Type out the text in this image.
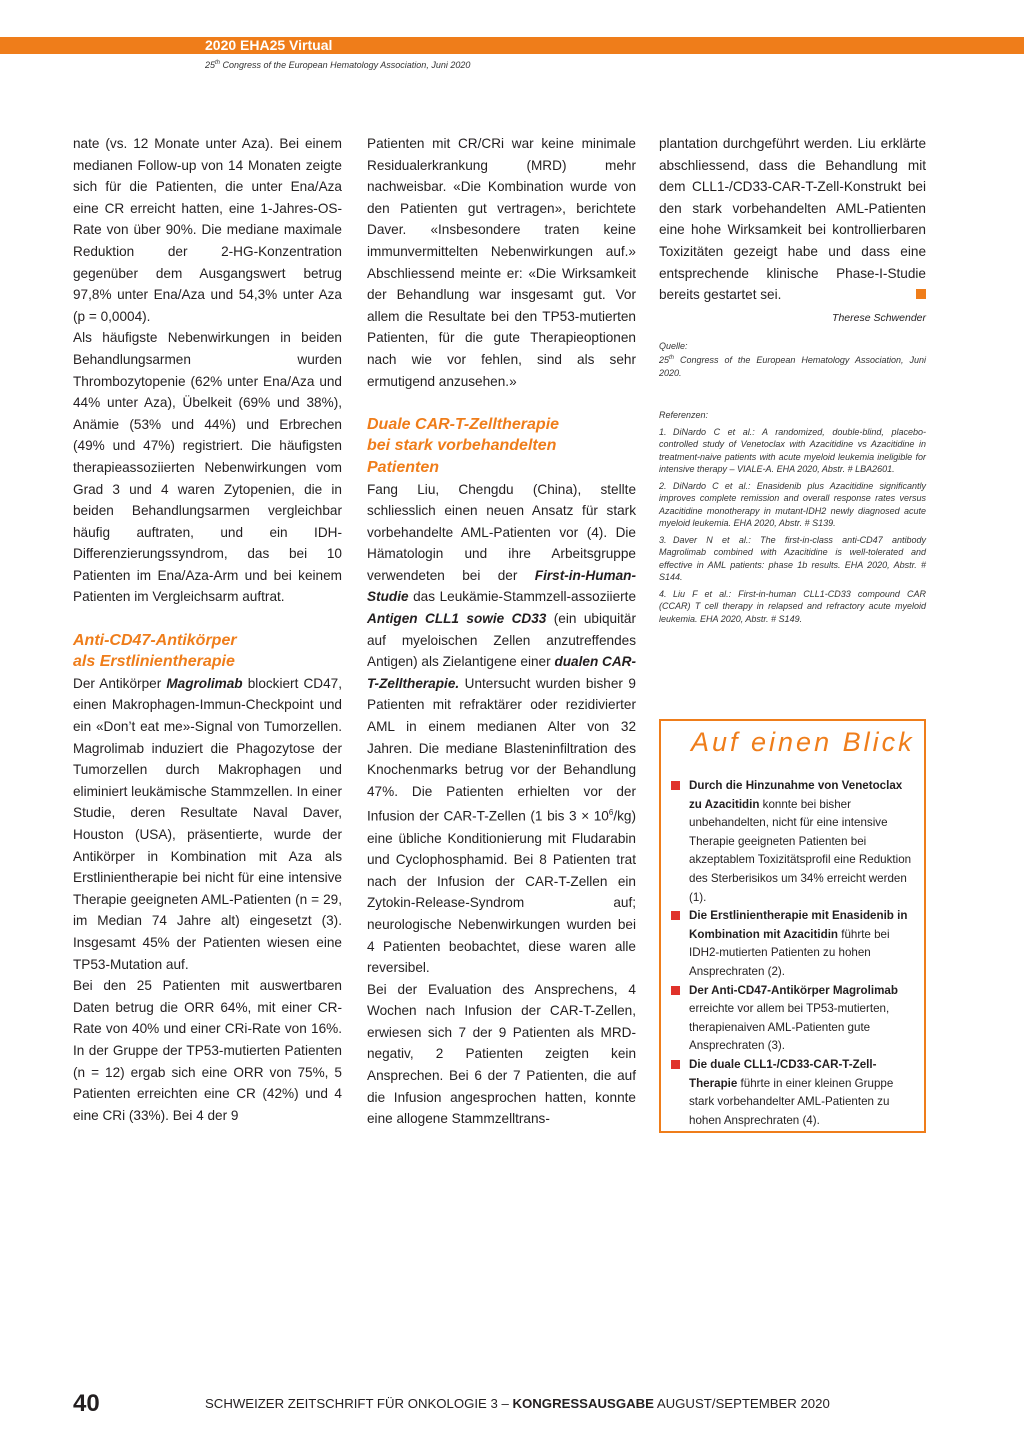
2020 EHA25 Virtual
25th Congress of the European Hematology Association, Juni 2020

nate (vs. 12 Monate unter Aza). Bei einem medianen Follow-up von 14 Monaten zeigte sich für die Patienten, die unter Ena/Aza eine CR erreicht hatten, eine 1-Jahres-OS-Rate von über 90%. Die mediane maximale Reduktion der 2-HG-Konzentration gegenüber dem Ausgangswert betrug 97,8% unter Ena/Aza und 54,3% unter Aza (p = 0,0004).

Als häufigste Nebenwirkungen in beiden Behandlungsarmen wurden Thrombozytopenie (62% unter Ena/Aza und 44% unter Aza), Übelkeit (69% und 38%), Anämie (53% und 44%) und Erbrechen (49% und 47%) registriert. Die häufigsten therapieassoziierten Nebenwirkungen vom Grad 3 und 4 waren Zytopenien, die in beiden Behandlungsarmen vergleichbar häufig auftraten, und ein IDH-Differenzierungssyndrom, das bei 10 Patienten im Ena/Aza-Arm und bei keinem Patienten im Vergleichsarm auftrat.

Anti-CD47-Antikörper
als Erstlinientherapie

Der Antikörper Magrolimab blockiert CD47, einen Makrophagen-Immun-Checkpoint und ein «Don’t eat me»-Signal von Tumorzellen. Magrolimab induziert die Phagozytose der Tumorzellen durch Makrophagen und eliminiert leukämische Stammzellen. In einer Studie, deren Resultate Naval Daver, Houston (USA), präsentierte, wurde der Antikörper in Kombination mit Aza als Erstlinientherapie bei nicht für eine intensive Therapie geeigneten AML-Patienten (n = 29, im Median 74 Jahre alt) eingesetzt (3). Insgesamt 45% der Patienten wiesen eine TP53-Mutation auf.

Bei den 25 Patienten mit auswertbaren Daten betrug die ORR 64%, mit einer CR-Rate von 40% und einer CRi-Rate von 16%. In der Gruppe der TP53-mutierten Patienten (n = 12) ergab sich eine ORR von 75%, 5 Patienten erreichten eine CR (42%) und 4 eine CRi (33%). Bei 4 der 9

Patienten mit CR/CRi war keine minimale Residualerkrankung (MRD) mehr nachweisbar. «Die Kombination wurde von den Patienten gut vertragen», berichtete Daver. «Insbesondere traten keine immunvermittelten Nebenwirkungen auf.» Abschliessend meinte er: «Die Wirksamkeit der Behandlung war insgesamt gut. Vor allem die Resultate bei den TP53-mutierten Patienten, für die gute Therapieoptionen nach wie vor fehlen, sind als sehr ermutigend anzusehen.»

Duale CAR-T-Zelltherapie
bei stark vorbehandelten
Patienten

Fang Liu, Chengdu (China), stellte schliesslich einen neuen Ansatz für stark vorbehandelte AML-Patienten vor (4). Die Hämatologin und ihre Arbeitsgruppe verwendeten bei der First-in-Human-Studie das Leukämie-Stammzell-assoziierte Antigen CLL1 sowie CD33 (ein ubiquitär auf myeloischen Zellen anzutreffendes Antigen) als Zielantigene einer dualen CAR-T-Zelltherapie. Untersucht wurden bisher 9 Patienten mit refraktärer oder rezidivierter AML in einem medianen Alter von 32 Jahren. Die mediane Blasteninfiltration des Knochenmarks betrug vor der Behandlung 47%. Die Patienten erhielten vor der Infusion der CAR-T-Zellen (1 bis $3 \times 10^6/kg$) eine übliche Konditionierung mit Fludarabin und Cyclophosphamid. Bei 8 Patienten trat nach der Infusion der CAR-T-Zellen ein Zytokin-Release-Syndrom auf; neurologische Nebenwirkungen wurden bei 4 Patienten beobachtet, diese waren alle reversibel.

Bei der Evaluation des Ansprechens, 4 Wochen nach Infusion der CAR-T-Zellen, erwiesen sich 7 der 9 Patienten als MRD-negativ, 2 Patienten zeigten kein Ansprechen. Bei 6 der 7 Patienten, die auf die Infusion angesprochen hatten, konnte eine allogene Stammzelltrans-

plantation durchgeführt werden. Liu erklärte abschliessend, dass die Behandlung mit dem CLL1-/CD33-CAR-T-Zell-Konstrukt bei den stark vorbehandelten AML-Patienten eine hohe Wirksamkeit bei kontrollierbaren Toxizitäten gezeigt habe und dass eine entsprechende klinische Phase-I-Studie bereits gestartet sei.

Therese Schwender
Quelle:
25th Congress of the European Hematology Association, Juni 2020.
Referenzen:
1. DiNardo C et al.: A randomized, double-blind, placebo-controlled study of Venetoclax with Azacitidine vs Azacitidine in treatment-naive patients with acute myeloid leukemia ineligible for intensive therapy – VIALE-A. EHA 2020, Abstr. # LBA2601.
2. DiNardo C et al.: Enasidenib plus Azacitidine significantly improves complete remission and overall response rates versus Azacitidine monotherapy in mutant-IDH2 newly diagnosed acute myeloid leukemia. EHA 2020, Abstr. # S139.
3. Daver N et al.: The first-in-class anti-CD47 antibody Magrolimab combined with Azacitidine is well-tolerated and effective in AML patients: phase 1b results. EHA 2020, Abstr. # S144.
4. Liu F et al.: First-in-human CLL1-CD33 compound CAR (CCAR) T cell therapy in relapsed and refractory acute myeloid leukemia. EHA 2020, Abstr. # S149.
Auf einen Blick
Durch die Hinzunahme von Venetoclax zu Azacitidin konnte bei bisher unbehandelten, nicht für eine intensive Therapie geeigneten Patienten bei akzeptablem Toxizitätsprofil eine Reduktion des Sterberisikos um 34% erreicht werden (1).
Die Erstlinientherapie mit Enasidenib in Kombination mit Azacitidin führte bei IDH2-mutierten Patienten zu hohen Ansprechraten (2).
Der Anti-CD47-Antikörper Magrolimab erreichte vor allem bei TP53-mutierten, therapienaiven AML-Patienten gute Ansprechraten (3).
Die duale CLL1-/CD33-CAR-T-Zell-Therapie führte in einer kleinen Gruppe stark vorbehandelter AML-Patienten zu hohen Ansprechraten (4).
40	SCHWEIZER ZEITSCHRIFT FÜR ONKOLOGIE 3 – KONGRESSAUSGABE AUGUST/SEPTEMBER 2020
